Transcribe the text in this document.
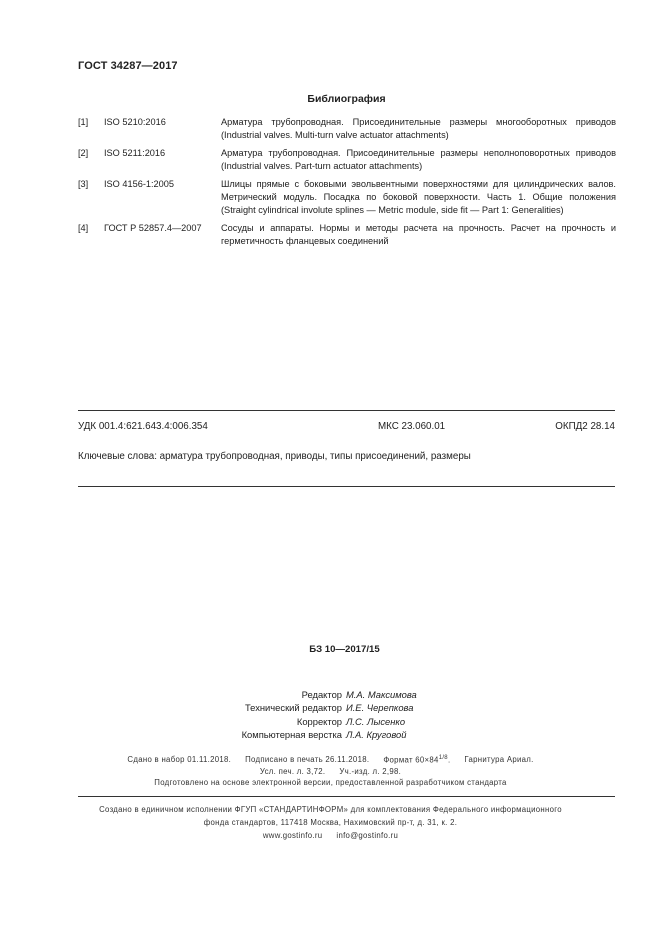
ГОСТ 34287—2017
Библиография
[1]	ISO 5210:2016	Арматура трубопроводная. Присоединительные размеры многооборотных приводов (Industrial valves. Multi-turn valve actuator attachments)
[2]	ISO 5211:2016	Арматура трубопроводная. Присоединительные размеры неполноповоротных приводов (Industrial valves. Part-turn actuator attachments)
[3]	ISO 4156-1:2005	Шлицы прямые с боковыми эвольвентными поверхностями для цилиндрических валов. Метрический модуль. Посадка по боковой поверхности. Часть 1. Общие положения (Straight cylindrical involute splines — Metric module, side fit — Part 1: Generalities)
[4]	ГОСТ Р 52857.4—2007	Сосуды и аппараты. Нормы и методы расчета на прочность. Расчет на прочность и герметичность фланцевых соединений
УДК 001.4:621.643.4:006.354	МКС 23.060.01	ОКПД2 28.14
Ключевые слова: арматура трубопроводная, приводы, типы присоединений, размеры
БЗ 10—2017/15
Редактор М.А. Максимова
Технический редактор И.Е. Черепкова
Корректор Л.С. Лысенко
Компьютерная верстка Л.А. Круговой
Сдано в набор 01.11.2018. Подписано в печать 26.11.2018. Формат $60\times 84^{1/8}$. Гарнитура Ариал.
Усл. печ. л. 3,72. Уч.-изд. л. 2,98.
Подготовлено на основе электронной версии, предоставленной разработчиком стандарта
Создано в единичном исполнении ФГУП «СТАНДАРТИНФОРМ» для комплектования Федерального информационного
фонда стандартов, 117418 Москва, Нахимовский пр-т, д. 31, к. 2.
www.gostinfo.ru info@gostinfo.ru
